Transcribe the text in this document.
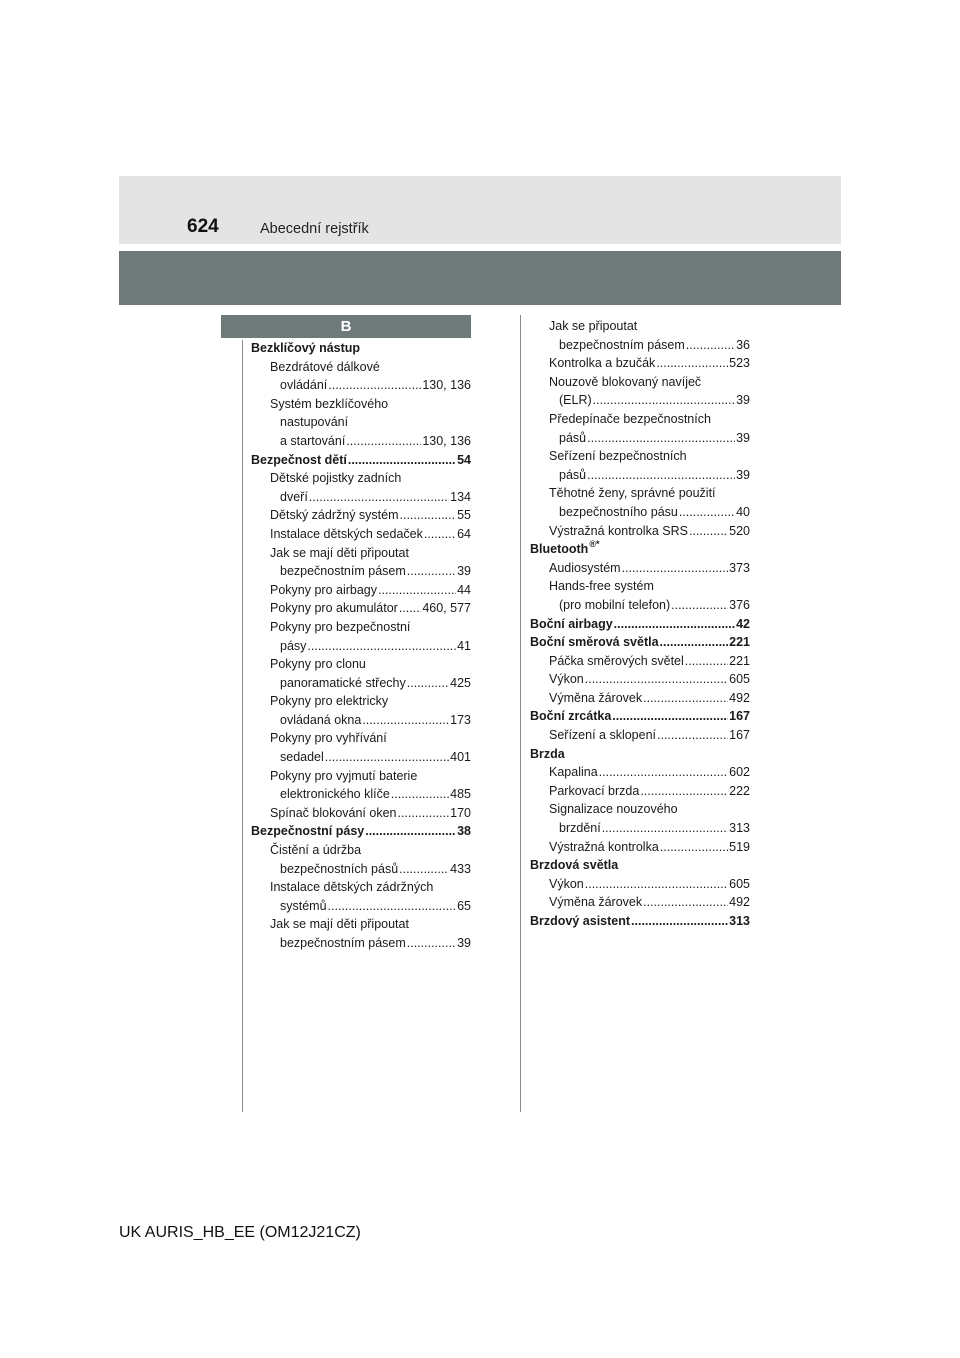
624	Abecední rejstřík
B
Bezklíčový nástup
Bezdrátové dálkové
ovládání .....	130, 136
Systém bezklíčového
nastupování
a startování .....	130, 136
Bezpečnost dětí .....	54
Dětské pojistky zadních
dveří .....	134
Dětský zádržný systém .....	55
Instalace dětských sedaček .....	64
Jak se mají děti připoutat
bezpečnostním pásem .....	39
Pokyny pro airbagy .....	44
Pokyny pro akumulátor ..... 460, 577
Pokyny pro bezpečnostní
pásy .....	41
Pokyny pro clonu
panoramatické střechy .....	425
Pokyny pro elektricky
ovládaná okna .....	173
Pokyny pro vyhřívání
sedadel .....	401
Pokyny pro vyjmutí baterie
elektronického klíče .....	485
Spínač blokování oken .....	170
Bezpečnostní pásy .....	38
Čistění a údržba
bezpečnostních pásů .....	433
Instalace dětských zádržných
systémů .....	65
Jak se mají děti připoutat
bezpečnostním pásem .....	39
Jak se připoutat
bezpečnostním pásem .....	36
Kontrolka a bzučák .....	523
Nouzově blokovaný navíječ
(ELR) .....	39
Předepínače bezpečnostních
pásů .....	39
Seřízení bezpečnostních
pásů .....	39
Těhotné ženy, správné použití
bezpečnostního pásu .....	40
Výstražná kontrolka SRS .....	520
Bluetooth ®*
Audiosystém .....	373
Hands-free systém
(pro mobilní telefon) .....	376
Boční airbagy .....	42
Boční směrová světla .....	221
Páčka směrových světel .....	221
Výkon .....	605
Výměna žárovek .....	492
Boční zrcátka .....	167
Seřízení a sklopení .....	167
Brzda
Kapalina .....	602
Parkovací brzda .....	222
Signalizace nouzového
brzdění .....	313
Výstražná kontrolka .....	519
Brzdová světla
Výkon .....	605
Výměna žárovek .....	492
Brzdový asistent .....	313
UK AURIS_HB_EE (OM12J21CZ)
